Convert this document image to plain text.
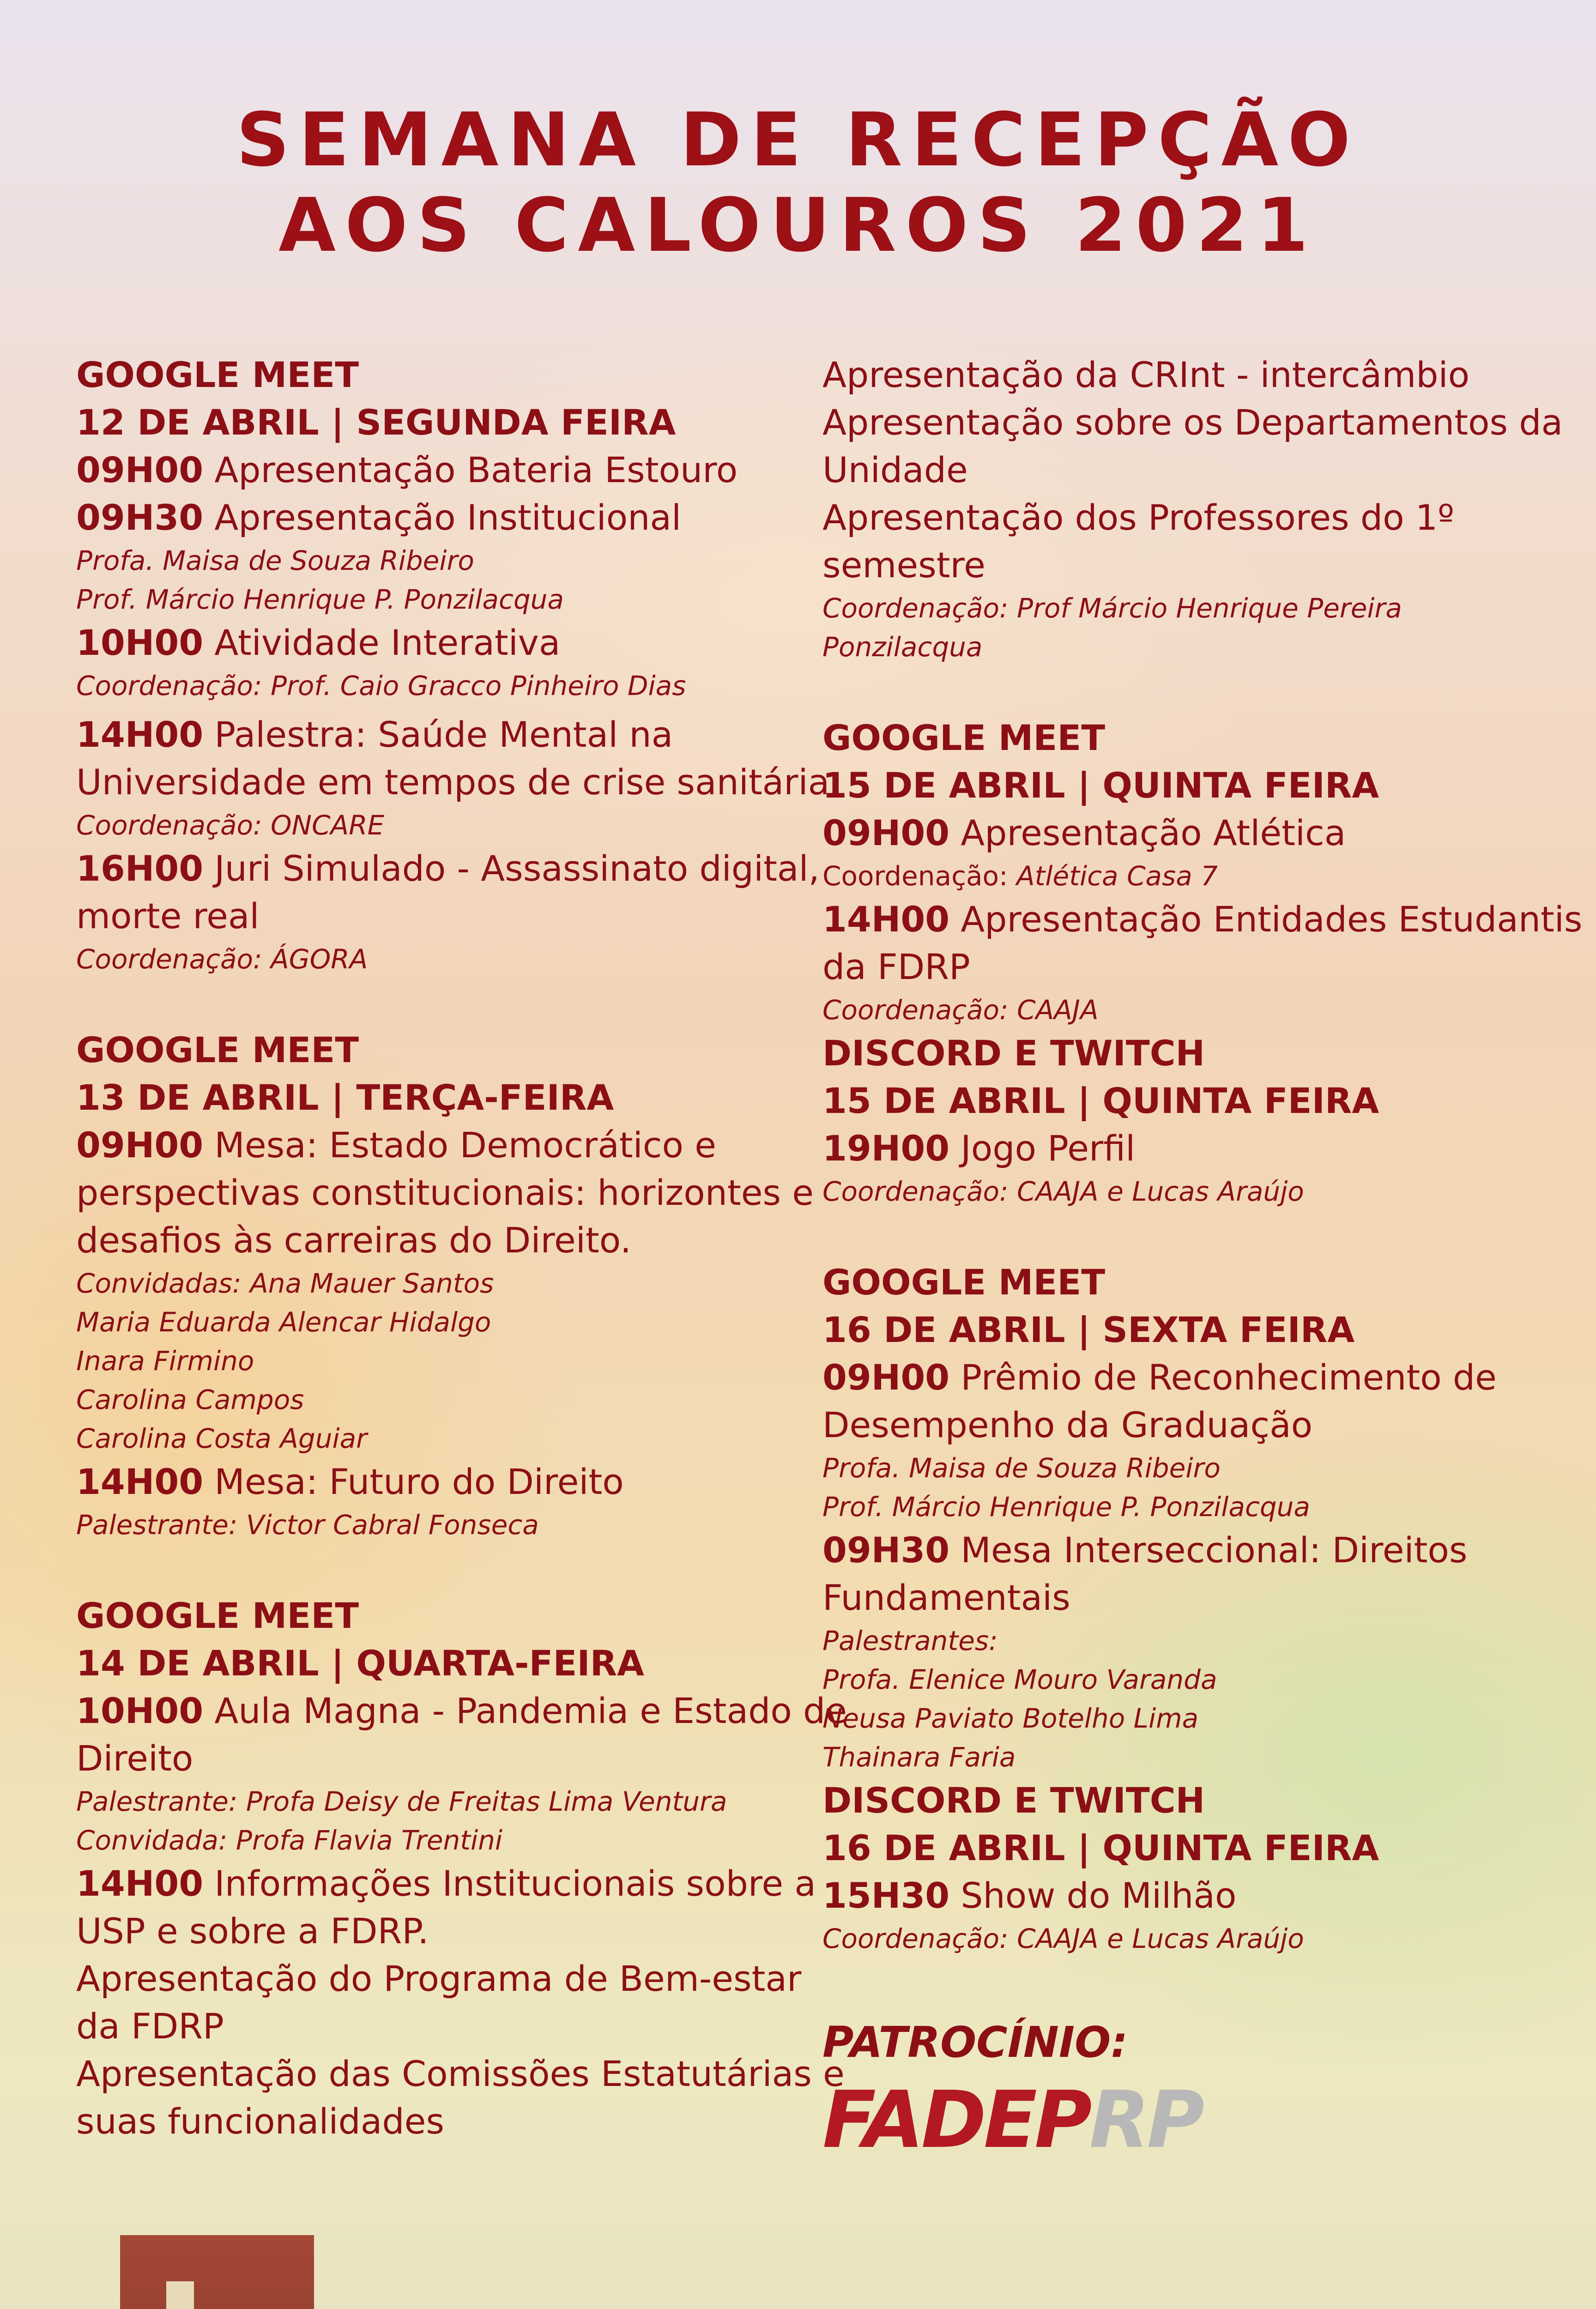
SEMANA DE RECEPÇÃO
AOS CALOUROS 2021
GOOGLE MEET
12 DE ABRIL | SEGUNDA FEIRA
09H00 Apresentação Bateria Estouro
09H30 Apresentação Institucional
Profa. Maisa de Souza Ribeiro
Prof. Márcio Henrique P. Ponzilacqua
10H00 Atividade Interativa
Coordenação: Prof. Caio Gracco Pinheiro Dias
14H00 Palestra: Saúde Mental na
Universidade em tempos de crise sanitária.
Coordenação: ONCARE
16H00 Juri Simulado - Assassinato digital,
morte real
Coordenação: ÁGORA
GOOGLE MEET
13 DE ABRIL | TERÇA-FEIRA
09H00 Mesa: Estado Democrático e
perspectivas constitucionais: horizontes e
desafios às carreiras do Direito.
Convidadas: Ana Mauer Santos
Maria Eduarda Alencar Hidalgo
Inara Firmino
Carolina Campos
Carolina Costa Aguiar
14H00 Mesa: Futuro do Direito
Palestrante: Victor Cabral Fonseca
GOOGLE MEET
14 DE ABRIL | QUARTA-FEIRA
10H00 Aula Magna - Pandemia e Estado de
Direito
Palestrante: Profa Deisy de Freitas Lima Ventura
Convidada: Profa Flavia Trentini
14H00 Informações Institucionais sobre a
USP e sobre a FDRP.
Apresentação do Programa de Bem-estar
da FDRP
Apresentação das Comissões Estatutárias e
suas funcionalidades
Apresentação da CRInt - intercâmbio
Apresentação sobre os Departamentos da
Unidade
Apresentação dos Professores do 1º
semestre
Coordenação: Prof Márcio Henrique Pereira
Ponzilacqua
GOOGLE MEET
15 DE ABRIL | QUINTA FEIRA
09H00 Apresentação Atlética
Coordenação: Atlética Casa 7
14H00 Apresentação Entidades Estudantis
da FDRP
Coordenação: CAAJA
DISCORD E TWITCH
15 DE ABRIL | QUINTA FEIRA
19H00 Jogo Perfil
Coordenação: CAAJA e Lucas Araújo
GOOGLE MEET
16 DE ABRIL | SEXTA FEIRA
09H00 Prêmio de Reconhecimento de
Desempenho da Graduação
Profa. Maisa de Souza Ribeiro
Prof. Márcio Henrique P. Ponzilacqua
09H30 Mesa Interseccional: Direitos
Fundamentais
Palestrantes:
Profa. Elenice Mouro Varanda
Neusa Paviato Botelho Lima
Thainara Faria
DISCORD E TWITCH
16 DE ABRIL | QUINTA FEIRA
15H30 Show do Milhão
Coordenação: CAAJA e Lucas Araújo
PATROCÍNIO:
FADEPRP
